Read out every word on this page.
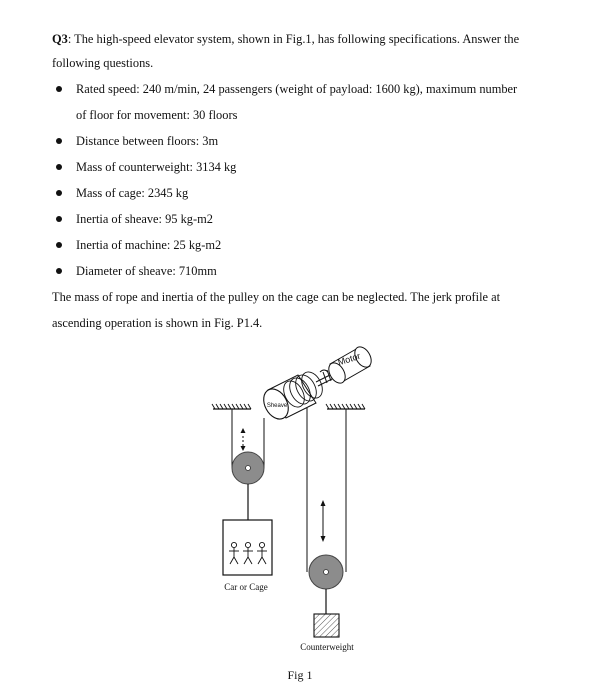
Q3: The high-speed elevator system, shown in Fig.1, has following specifications. Answer the
following questions.
Rated speed: 240 m/min, 24 passengers (weight of payload: 1600 kg), maximum number
of floor for movement: 30 floors
Distance between floors: 3m
Mass of counterweight: 3134 kg
Mass of cage: 2345 kg
Inertia of sheave: 95 kg-m2
Inertia of machine: 25 kg-m2
Diameter of sheave: 710mm
The mass of rope and inertia of the pulley on the cage can be neglected. The jerk profile at
ascending operation is shown in Fig. P1.4.
Car or Cage
Sheave
Motor
Counterweight
Fig 1
